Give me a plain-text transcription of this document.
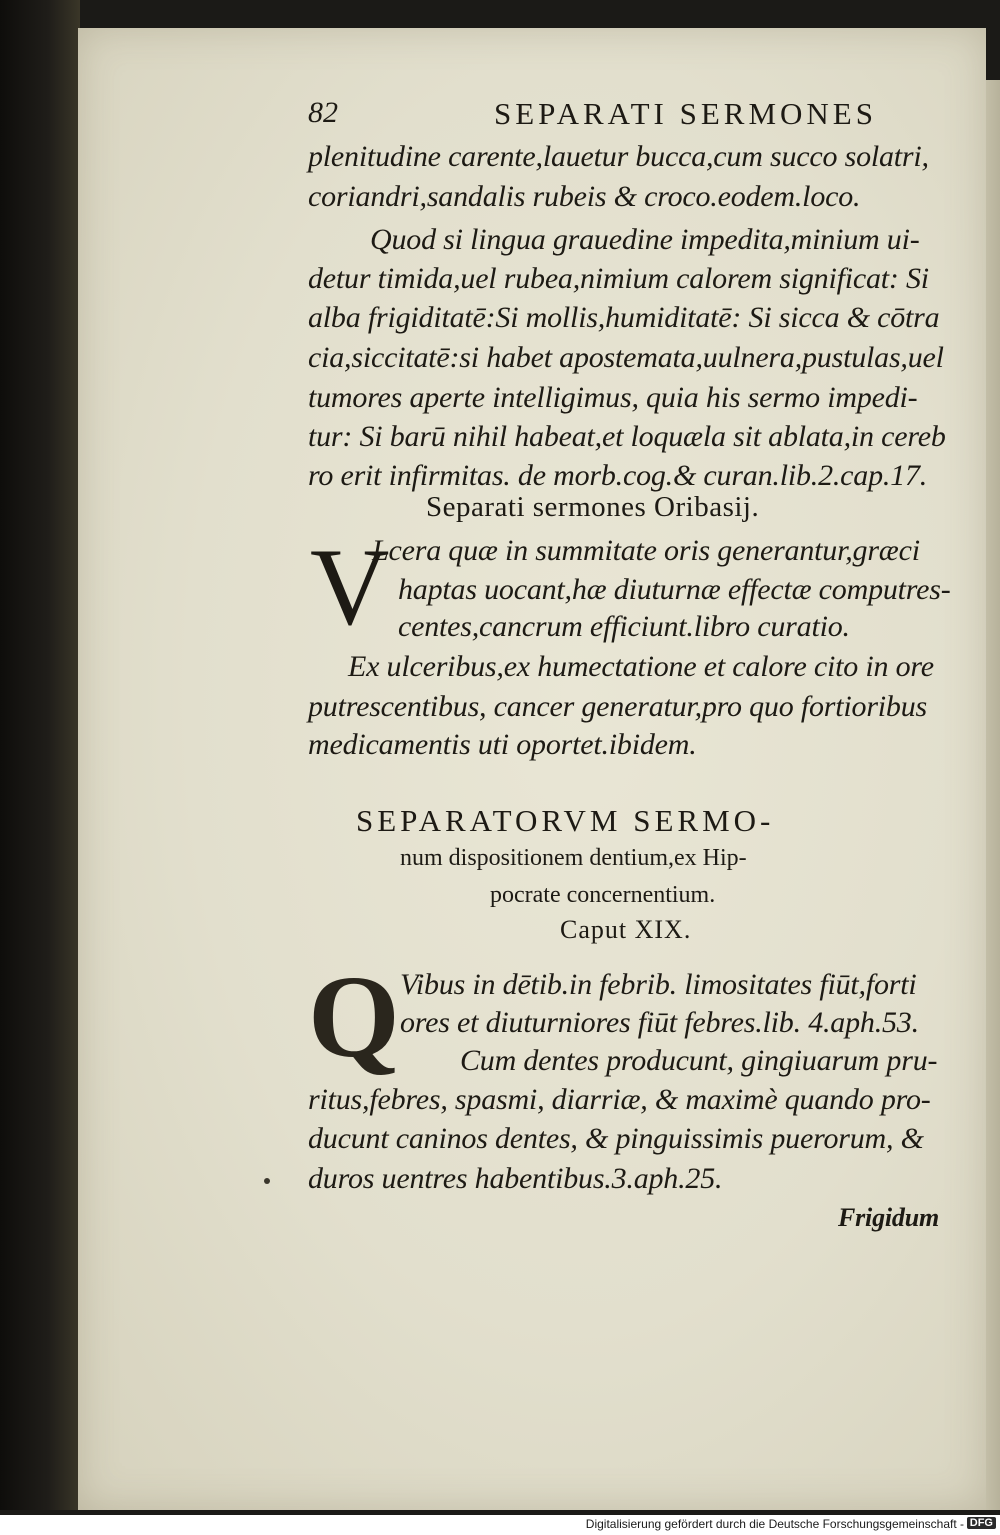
82	SEPARATI SERMONES
plenitudine carente,lauetur bucca,cum succo solatri,
coriandri,sandalis rubeis & croco.eodem.loco.
Quod si lingua grauedine impedita,minium ui-
detur timida,uel rubea,nimium calorem significat: Si
alba frigiditatē:Si mollis,humiditatē: Si sicca & cōtra
cia,siccitatē:si habet apostemata,uulnera,pustulas,uel
tumores aperte intelligimus, quia his sermo impedi-
tur: Si barū nihil habeat,et loquæla sit ablata,in cereb
ro erit infirmitas. de morb.cog.& curan.lib.2.cap.17.
Separati sermones Oribasij.
V
Lcera quæ in summitate oris generantur,græci
haptas uocant,hæ diuturnæ effectæ computres-
centes,cancrum efficiunt.libro curatio.
Ex ulceribus,ex humectatione et calore cito in ore
putrescentibus, cancer generatur,pro quo fortioribus
medicamentis uti oportet.ibidem.
SEPARATORVM SERMO-
num dispositionem dentium,ex Hip-
pocrate concernentium.
Caput XIX.
Q Vibus in dētib.in febrib. limositates fiūt,forti
ores et diuturniores fiūt febres.lib. 4.aph.53.
Cum dentes producunt, gingiuarum pru-
ritus,febres, spasmi, diarriæ, & maximè quando pro-
ducunt caninos dentes, & pinguissimis puerorum, &
duros uentres habentibus.3.aph.25.
Frigidum
Digitalisierung gefördert durch die Deutsche Forschungsgemeinschaft - DFG
